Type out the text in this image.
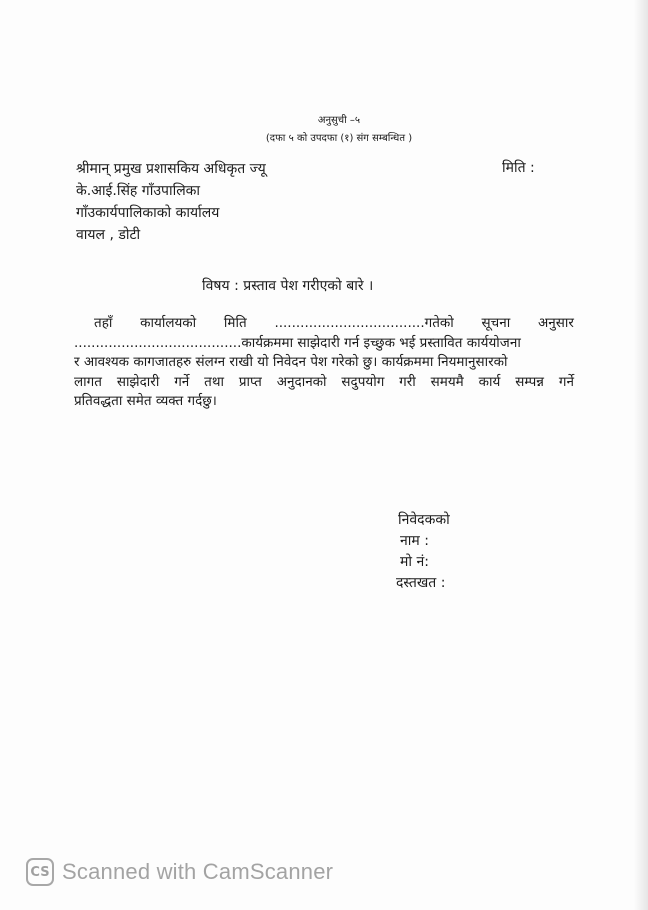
अनुसुची –५
(दफा ५ को उपदफा (१) संग सम्बन्धित )
श्रीमान् प्रमुख प्रशासकिय अधिकृत ज्यू
के.आई.सिंह गाँउपालिका
गाँउकार्यपालिकाको कार्यालय
वायल , डोटी
मिति :
विषय : प्रस्ताव पेश गरीएको बारे ।
तहाँ कार्यालयको मिति ...................................गतेको सूचना अनुसार
.......................................कार्यक्रममा साझेदारी गर्न इच्छुक भई प्रस्तावित कार्ययोजना
र आवश्यक कागजातहरु संलग्न राखी यो निवेदन पेश गरेको छु। कार्यक्रममा नियमानुसारको
लागत साझेदारी गर्ने तथा प्राप्त अनुदानको सदुपयोग गरी समयमै कार्य सम्पन्न गर्ने
प्रतिवद्धता समेत व्यक्त गर्दछु।
निवेदकको
नाम :
मो नं:
दस्तखत :
CS Scanned with CamScanner
